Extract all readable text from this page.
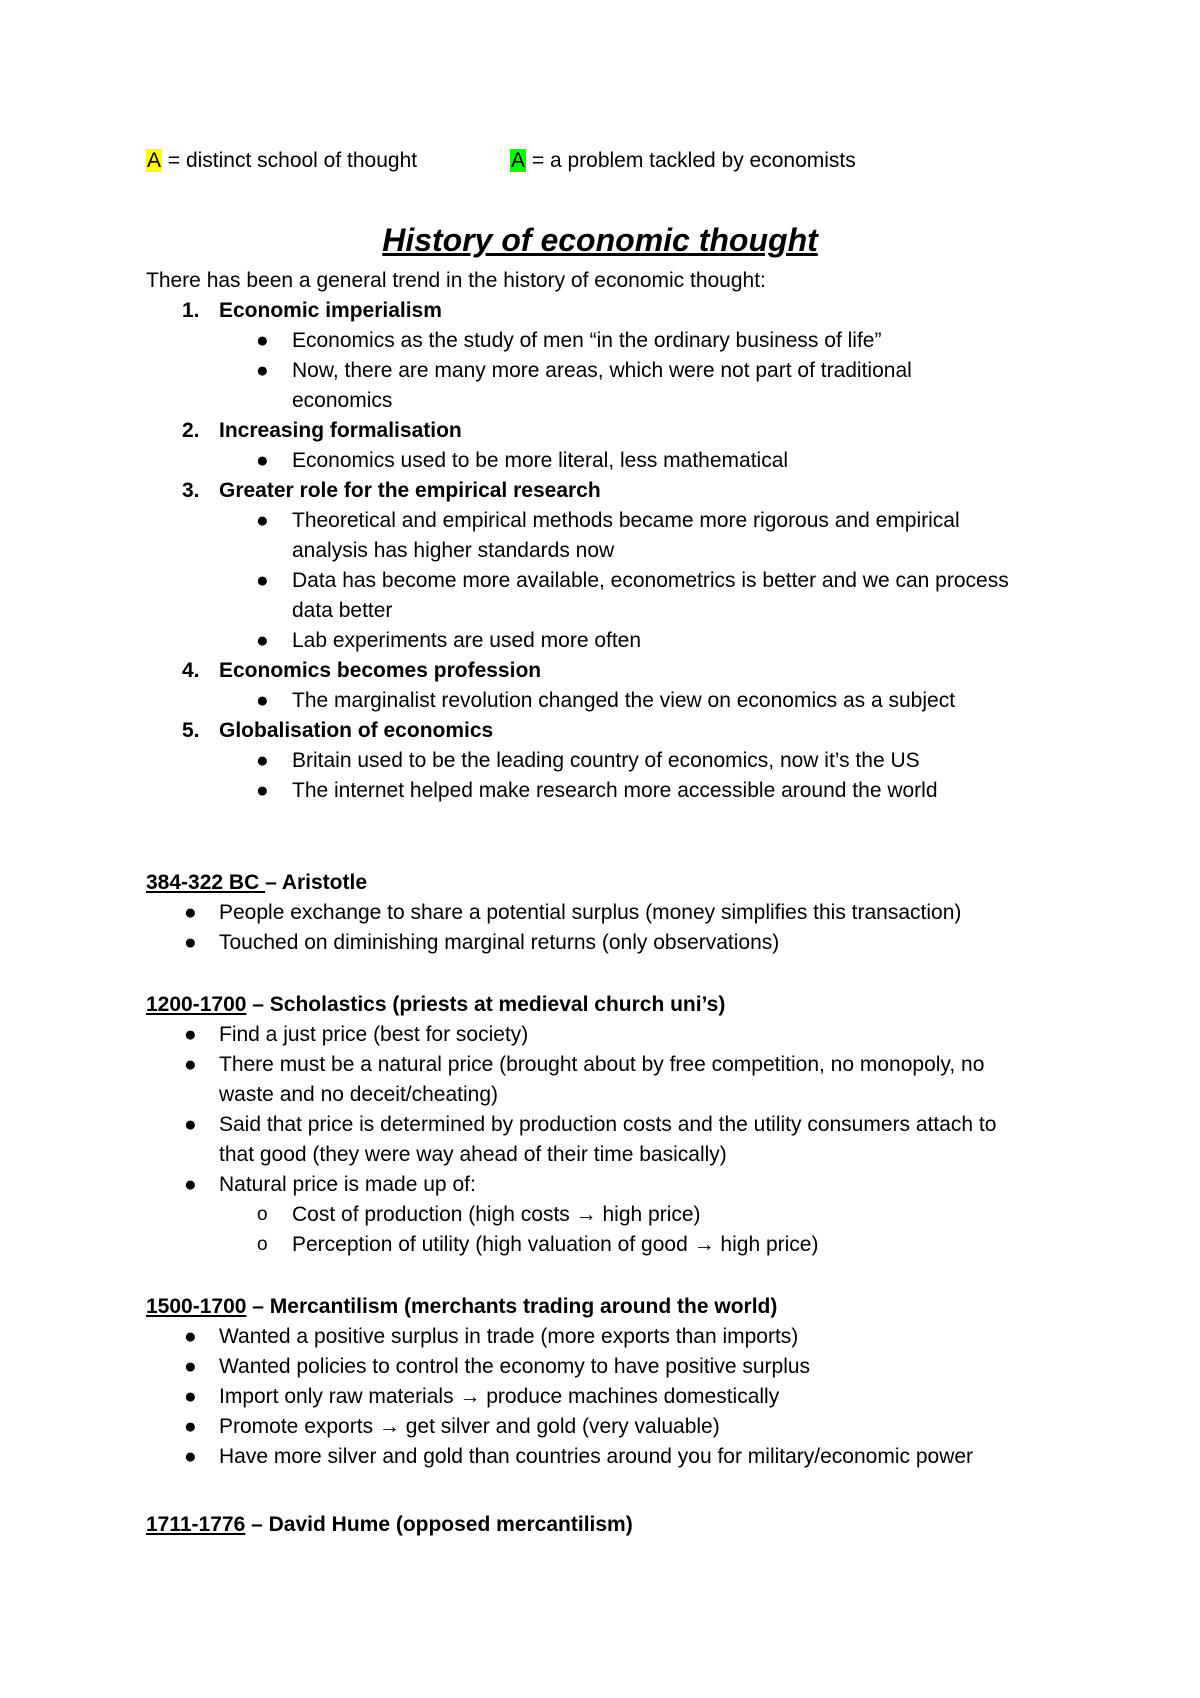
A = distinct school of thought	A = a problem tackled by economists
History of economic thought

There has been a general trend in the history of economic thought:

1. Economic imperialism

● Economics as the study of men “in the ordinary business of life”

● Now, there are many more areas, which were not part of traditional

economics

2. Increasing formalisation

● Economics used to be more literal, less mathematical

3. Greater role for the empirical research

● Theoretical and empirical methods became more rigorous and empirical

analysis has higher standards now

● Data has become more available, econometrics is better and we can process

data better

● Lab experiments are used more often

4. Economics becomes profession

● The marginalist revolution changed the view on economics as a subject

5. Globalisation of economics

● Britain used to be the leading country of economics, now it’s the US

● The internet helped make research more accessible around the world

384-322 BC – Aristotle

● People exchange to share a potential surplus (money simplifies this transaction)

● Touched on diminishing marginal returns (only observations)

1200-1700 – Scholastics (priests at medieval church uni’s)

● Find a just price (best for society)

● There must be a natural price (brought about by free competition, no monopoly, no

waste and no deceit/cheating)

● Said that price is determined by production costs and the utility consumers attach to

that good (they were way ahead of their time basically)

● Natural price is made up of:

o Cost of production (high costs → high price)

o Perception of utility (high valuation of good → high price)

1500-1700 – Mercantilism (merchants trading around the world)

● Wanted a positive surplus in trade (more exports than imports)

● Wanted policies to control the economy to have positive surplus

● Import only raw materials → produce machines domestically

● Promote exports → get silver and gold (very valuable)

● Have more silver and gold than countries around you for military/economic power

1711-1776 – David Hume (opposed mercantilism)
